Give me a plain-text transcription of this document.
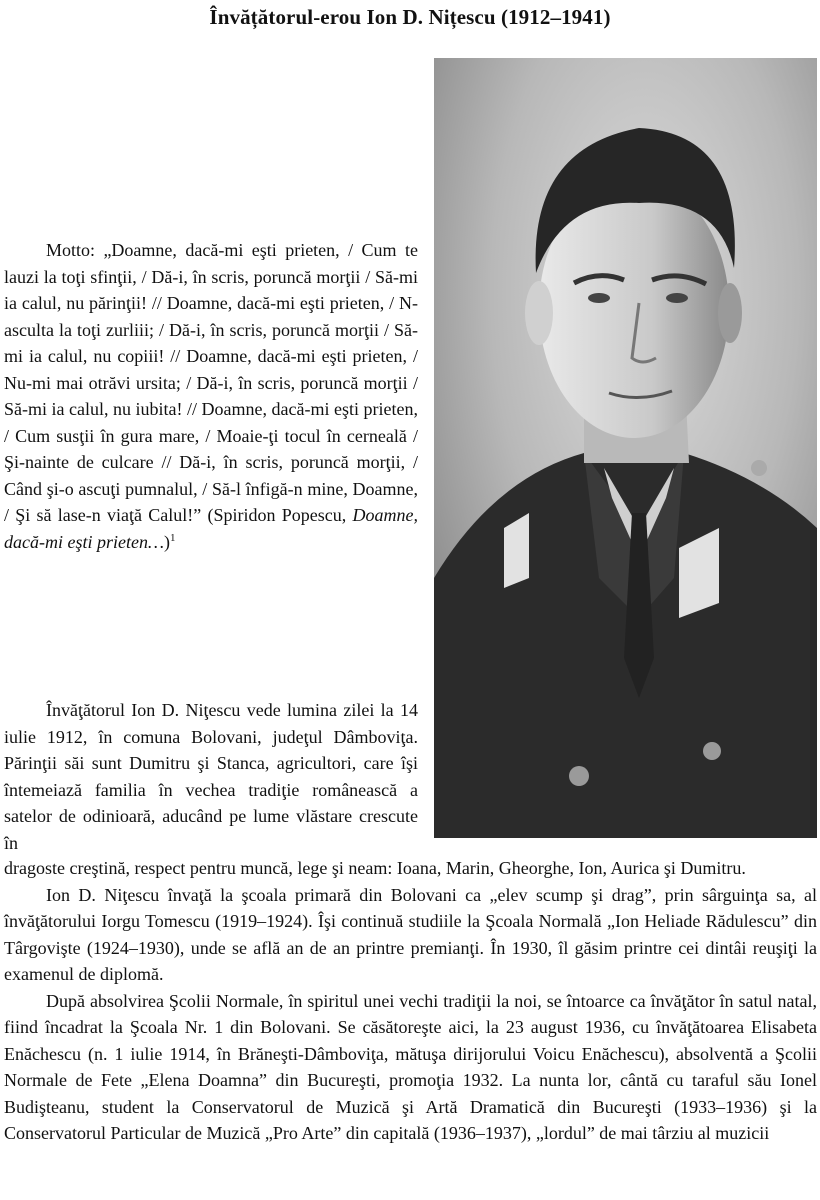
Învățătorul-erou Ion D. Nițescu (1912–1941)

Motto: „Doamne, dacă-mi eşti prieten, / Cum te lauzi la toţi sfinţii, / Dă-i, în scris, poruncă morţii / Să-mi ia calul, nu părinţii! // Doamne, dacă-mi eşti prieten, / N-asculta la toţi zurliii; / Dă-i, în scris, poruncă morţii / Să-mi ia calul, nu copiii! // Doamne, dacă-mi eşti prieten, / Nu-mi mai otrăvi ursita; / Dă-i, în scris, poruncă morţii / Să-mi ia calul, nu iubita! // Doamne, dacă-mi eşti prieten, / Cum susţii în gura mare, / Moaie-ţi tocul în cerneală / Şi-nainte de culcare // Dă-i, în scris, poruncă morţii, / Când şi-o ascuţi pumnalul, / Să-l înfigă-n mine, Doamne, / Şi să lase-n viaţă Calul!” (Spiridon Popescu, Doamne, dacă-mi eşti prieten…)$^1$

Învăţătorul Ion D. Niţescu vede lumina zilei la 14 iulie 1912, în comuna Bolovani, judeţul Dâmboviţa. Părinţii săi sunt Dumitru şi Stanca, agricultori, care îşi întemeiază familia în vechea tradiţie românească a satelor de odinioară, aducând pe lume vlăstare crescute în

dragoste creştină, respect pentru muncă, lege şi neam: Ioana, Marin, Gheorghe, Ion, Aurica şi Dumitru.

Ion D. Niţescu învaţă la şcoala primară din Bolovani ca „elev scump şi drag”, prin sârguinţa sa, al învăţătorului Iorgu Tomescu (1919–1924). Îşi continuă studiile la Şcoala Normală „Ion Heliade Rădulescu” din Târgovişte (1924–1930), unde se află an de an printre premianţi. În 1930, îl găsim printre cei dintâi reuşiţi la examenul de diplomă.

După absolvirea Şcolii Normale, în spiritul unei vechi tradiţii la noi, se întoarce ca învăţător în satul natal, fiind încadrat la Şcoala Nr. 1 din Bolovani. Se căsătoreşte aici, la 23 august 1936, cu învăţătoarea Elisabeta Enăchescu (n. 1 iulie 1914, în Brăneşti-Dâmboviţa, mătuşa dirijorului Voicu Enăchescu), absolventă a Şcolii Normale de Fete „Elena Doamna” din Bucureşti, promoţia 1932. La nunta lor, cântă cu taraful său Ionel Budişteanu, student la Conservatorul de Muzică şi Artă Dramatică din Bucureşti (1933–1936) şi la Conservatorul Particular de Muzică „Pro Arte” din capitală (1936–1937), „lordul” de mai târziu al muzicii
